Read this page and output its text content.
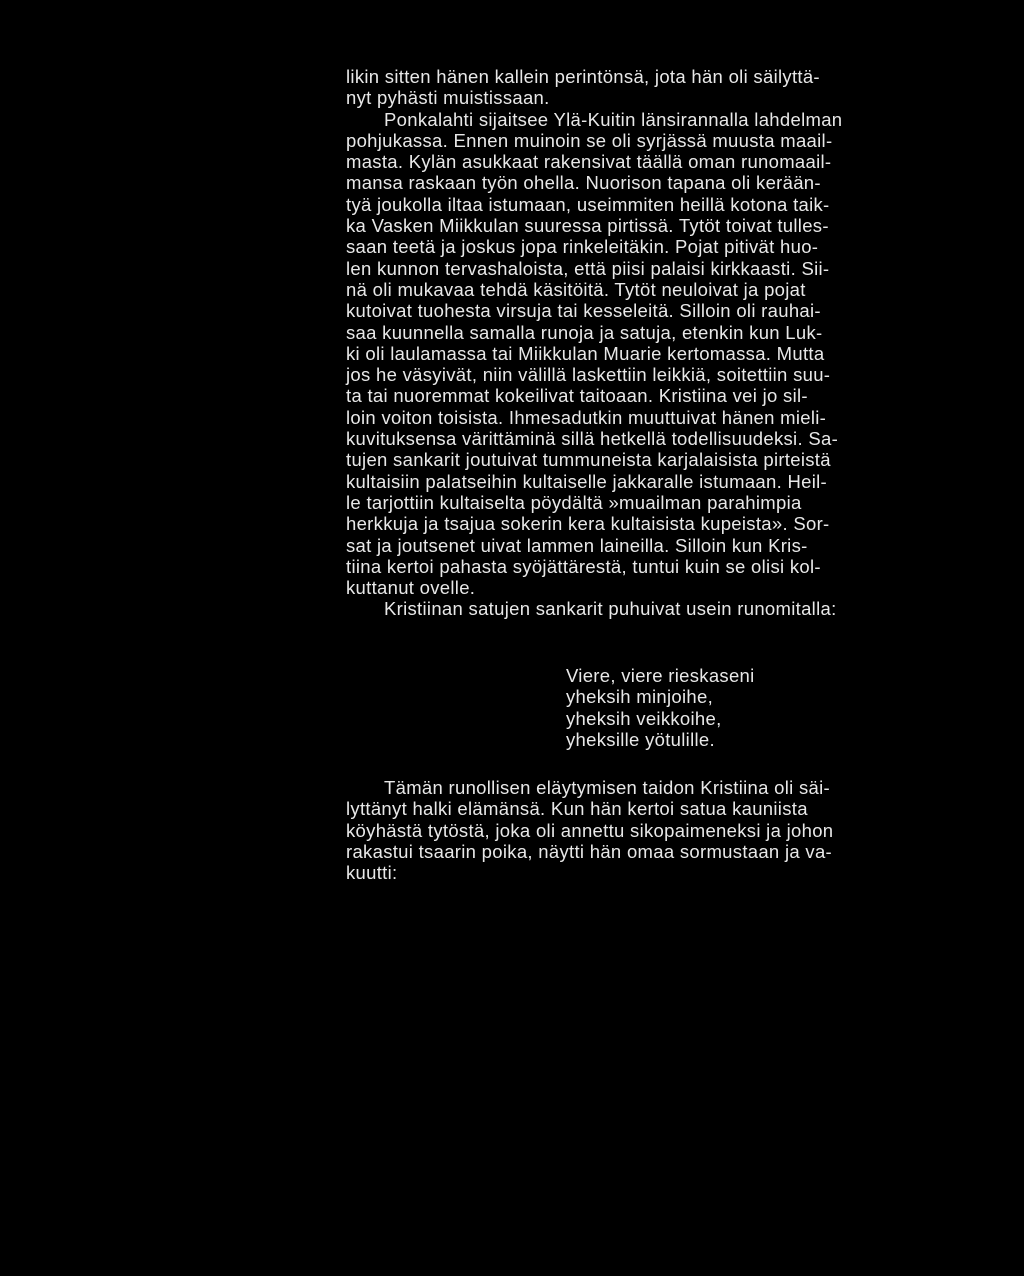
likin sitten hänen kallein perintönsä, jota hän oli säilyttä-
nyt pyhästi muistissaan.
Ponkalahti sijaitsee Ylä-Kuitin länsirannalla lahdelman
pohjukassa. Ennen muinoin se oli syrjässä muusta maail-
masta. Kylän asukkaat rakensivat täällä oman runomaail-
mansa raskaan työn ohella. Nuorison tapana oli kerään-
tyä joukolla iltaa istumaan, useimmiten heillä kotona taik-
ka Vasken Miikkulan suuressa pirtissä. Tytöt toivat tulles-
saan teetä ja joskus jopa rinkeleitäkin. Pojat pitivät huo-
len kunnon tervashaloista, että piisi palaisi kirkkaasti. Sii-
nä oli mukavaa tehdä käsitöitä. Tytöt neuloivat ja pojat
kutoivat tuohesta virsuja tai kesseleitä. Silloin oli rauhai-
saa kuunnella samalla runoja ja satuja, etenkin kun Luk-
ki oli laulamassa tai Miikkulan Muarie kertomassa. Mutta
jos he väsyivät, niin välillä laskettiin leikkiä, soitettiin suu-
ta tai nuoremmat kokeilivat taitoaan. Kristiina vei jo sil-
loin voiton toisista. Ihmesadutkin muuttuivat hänen mieli-
kuvituksensa värittäminä sillä hetkellä todellisuudeksi. Sa-
tujen sankarit joutuivat tummuneista karjalaisista pirteistä
kultaisiin palatseihin kultaiselle jakkaralle istumaan. Heil-
le tarjottiin kultaiselta pöydältä »muailman parahimpia
herkkuja ja tsajua sokerin kera kultaisista kupeista». Sor-
sat ja joutsenet uivat lammen laineilla. Silloin kun Kris-
tiina kertoi pahasta syöjättärestä, tuntui kuin se olisi kol-
kuttanut ovelle.
Kristiinan satujen sankarit puhuivat usein runomitalla:
Viere, viere rieskaseni
yheksih minjoihe,
yheksih veikkoihe,
yheksille yötulille.
Tämän runollisen eläytymisen taidon Kristiina oli säi-
lyttänyt halki elämänsä. Kun hän kertoi satua kauniista
köyhästä tytöstä, joka oli annettu sikopaimeneksi ja johon
rakastui tsaarin poika, näytti hän omaa sormustaan ja va-
kuutti:
